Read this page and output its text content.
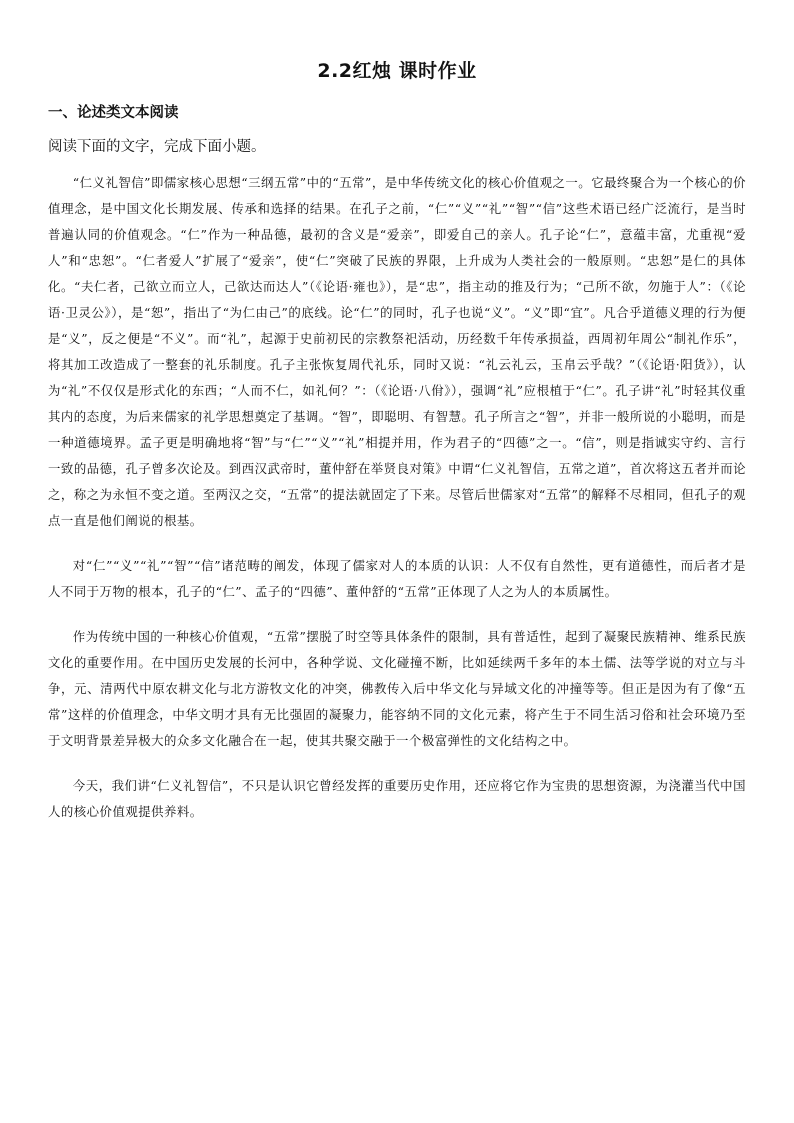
2.2红烛 课时作业
一、论述类文本阅读
阅读下面的文字，完成下面小题。

“仁义礼智信”即儒家核心思想“三纲五常”中的“五常”，是中华传统文化的核心价值观之一。它最终聚合为一个核心的价值理念，是中国文化长期发展、传承和选择的结果。在孔子之前，“仁”“义”“礼”“智”“信”这些术语已经广泛流行，是当时普遍认同的价值观念。“仁”作为一种品德，最初的含义是“爱亲”，即爱自己的亲人。孔子论“仁”，意蕴丰富，尤重视“爱人”和“忠恕”。“仁者爱人”扩展了“爱亲”，使“仁”突破了民族的界限，上升成为人类社会的一般原则。“忠恕”是仁的具体化。“夫仁者，己欲立而立人，己欲达而达人”（《论语·雍也》），是“忠”，指主动的推及行为；“己所不欲，勿施于人”：（《论语·卫灵公》），是“恕”，指出了“为仁由己”的底线。论“仁”的同时，孔子也说“义”。“义”即“宜”。凡合乎道德义理的行为便是“义”，反之便是“不义”。而“礼”，起源于史前初民的宗教祭祀活动，历经数千年传承损益，西周初年周公“制礼作乐”，将其加工改造成了一整套的礼乐制度。孔子主张恢复周代礼乐，同时又说：“礼云礼云，玉帛云乎哉？”（《论语·阳货》），认为“礼”不仅仅是形式化的东西；“人而不仁，如礼何？”：（《论语·八佾》），强调“礼”应根植于“仁”。孔子讲“礼”时轻其仪重其内的态度，为后来儒家的礼学思想奠定了基调。“智”，即聪明、有智慧。孔子所言之“智”，并非一般所说的小聪明，而是一种道德境界。孟子更是明确地将“智”与“仁”“义”“礼”相提并用，作为君子的“四德”之一。“信”，则是指诚实守约、言行一致的品德，孔子曾多次论及。到西汉武帝时，董仲舒在举贤良对策》中谓“仁义礼智信，五常之道”，首次将这五者并而论之，称之为永恒不变之道。至两汉之交，“五常”的提法就固定了下来。尽管后世儒家对“五常”的解释不尽相同，但孔子的观点一直是他们阐说的根基。

对“仁”“义”“礼”“智”“信”诸范畴的阐发，体现了儒家对人的本质的认识：人不仅有自然性，更有道德性，而后者才是人不同于万物的根本，孔子的“仁”、孟子的“四德”、董仲舒的“五常”正体现了人之为人的本质属性。

作为传统中国的一种核心价值观，“五常”摆脱了时空等具体条件的限制，具有普适性，起到了凝聚民族精神、维系民族文化的重要作用。在中国历史发展的长河中，各种学说、文化碰撞不断，比如延续两千多年的本土儒、法等学说的对立与斗争，元、清两代中原农耕文化与北方游牧文化的冲突，佛教传入后中华文化与异域文化的冲撞等等。但正是因为有了像“五常”这样的价值理念，中华文明才具有无比强固的凝聚力，能容纳不同的文化元素，将产生于不同生活习俗和社会环境乃至于文明背景差异极大的众多文化融合在一起，使其共聚交融于一个极富弹性的文化结构之中。

今天，我们讲“仁义礼智信”，不只是认识它曾经发挥的重要历史作用，还应将它作为宝贵的思想资源，为浇灌当代中国人的核心价值观提供养料。
